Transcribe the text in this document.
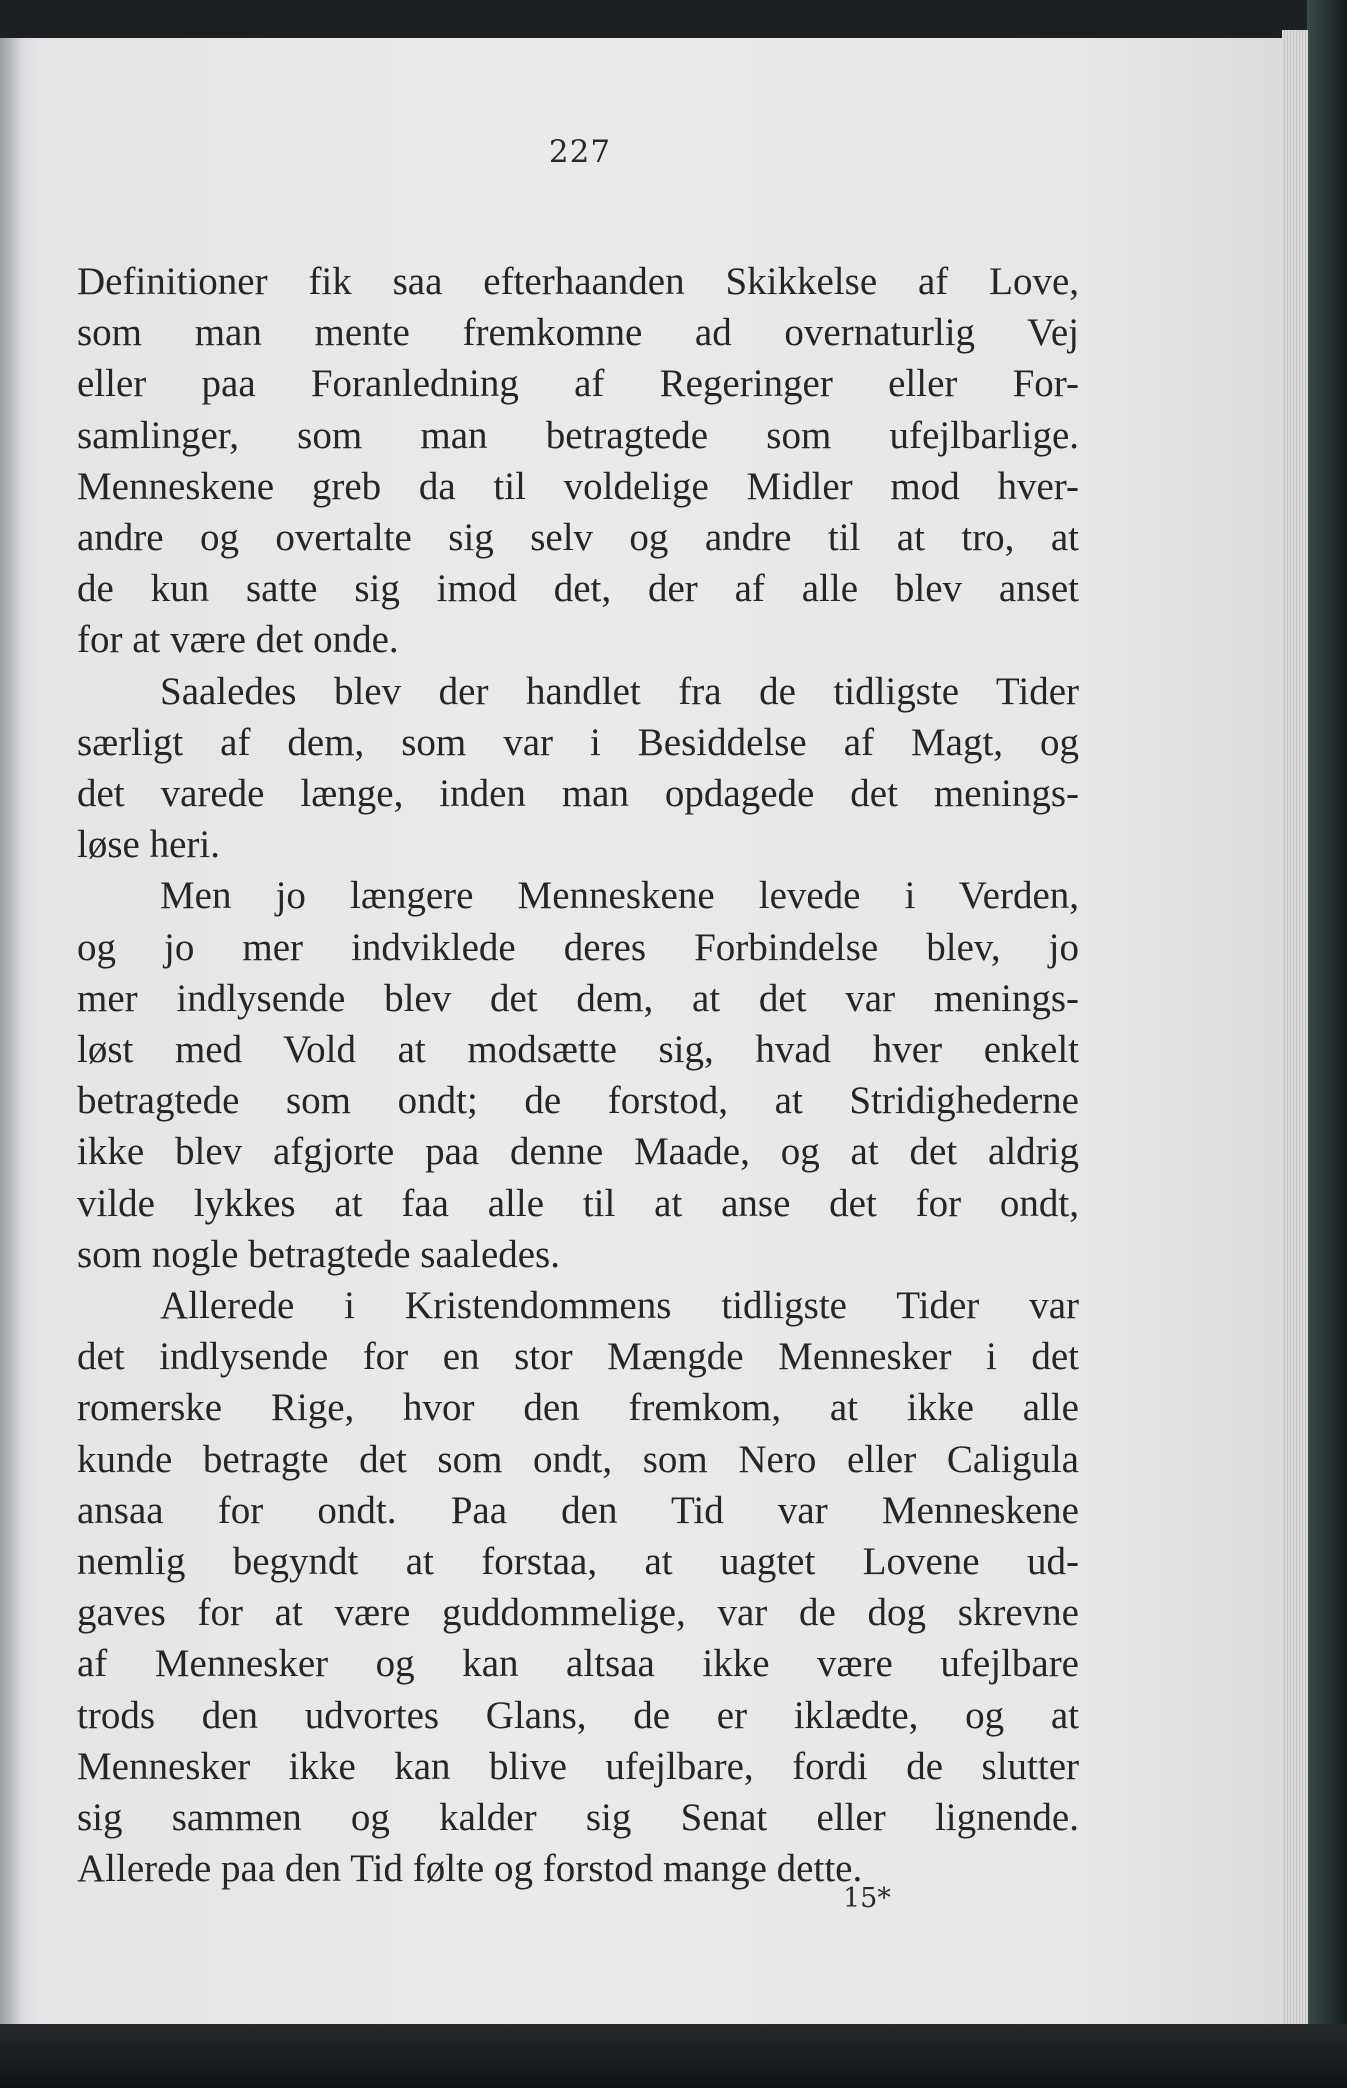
227

Definitioner fik saa efterhaanden Skikkelse af Love,
som man mente fremkomne ad overnaturlig Vej
eller paa Foranledning af Regeringer eller For-
samlinger, som man betragtede som ufejlbarlige.
Menneskene greb da til voldelige Midler mod hver-
andre og overtalte sig selv og andre til at tro, at
de kun satte sig imod det, der af alle blev anset
for at være det onde.

Saaledes blev der handlet fra de tidligste Tider
særligt af dem, som var i Besiddelse af Magt, og
det varede længe, inden man opdagede det menings-
løse heri.

Men jo længere Menneskene levede i Verden,
og jo mer indviklede deres Forbindelse blev, jo
mer indlysende blev det dem, at det var menings-
løst med Vold at modsætte sig, hvad hver enkelt
betragtede som ondt; de forstod, at Stridighederne
ikke blev afgjorte paa denne Maade, og at det aldrig
vilde lykkes at faa alle til at anse det for ondt,
som nogle betragtede saaledes.

Allerede i Kristendommens tidligste Tider var
det indlysende for en stor Mængde Mennesker i det
romerske Rige, hvor den fremkom, at ikke alle
kunde betragte det som ondt, som Nero eller Caligula
ansaa for ondt. Paa den Tid var Menneskene
nemlig begyndt at forstaa, at uagtet Lovene ud-
gaves for at være guddommelige, var de dog skrevne
af Mennesker og kan altsaa ikke være ufejlbare
trods den udvortes Glans, de er iklædte, og at
Mennesker ikke kan blive ufejlbare, fordi de slutter
sig sammen og kalder sig Senat eller lignende.
Allerede paa den Tid følte og forstod mange dette.

15*
